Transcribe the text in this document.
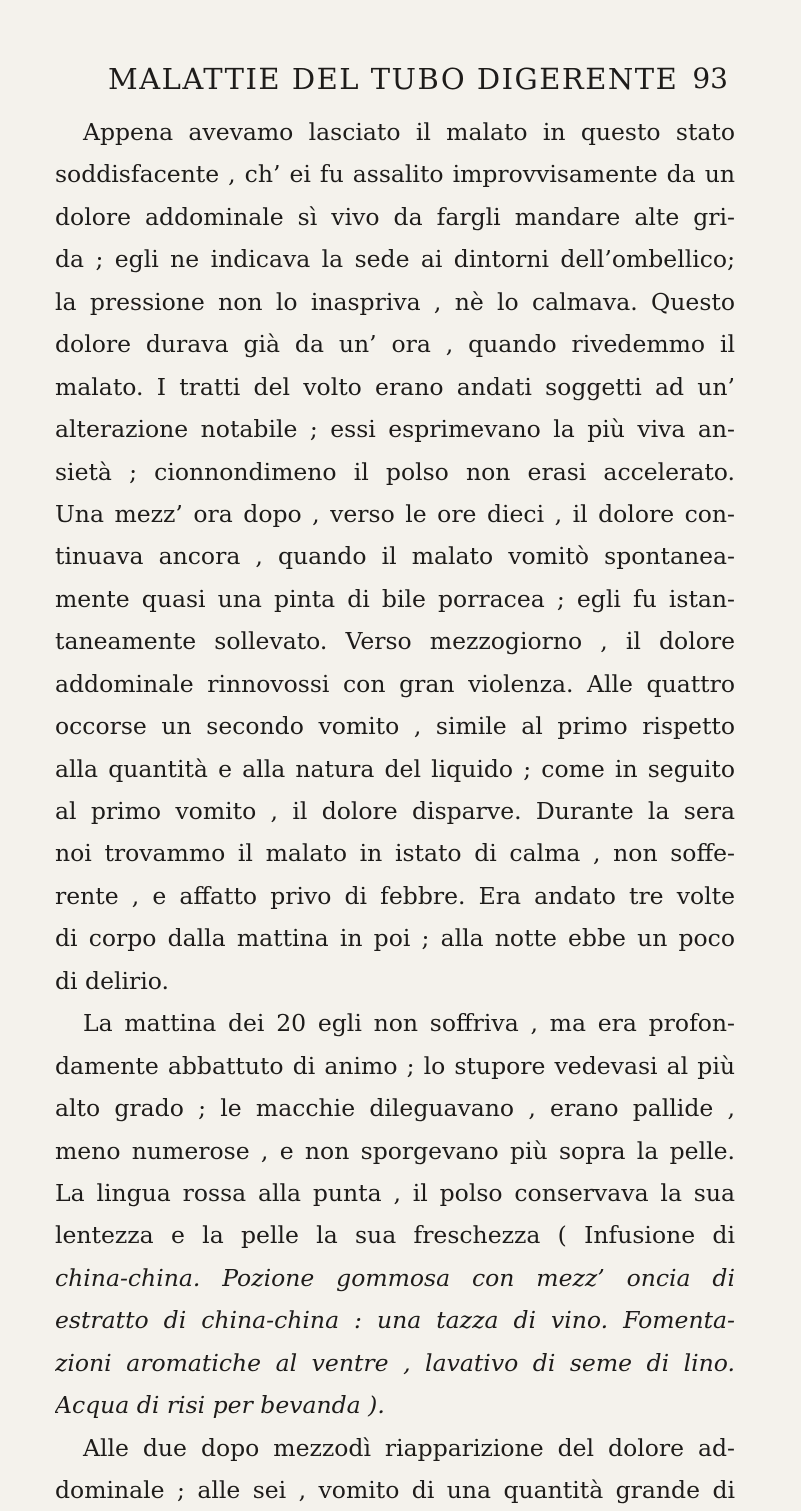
MALATTIE DEL TUBO DIGERENTE 93
Appena avevamo lasciato il malato in questo stato
soddisfacente , ch’ ei fu assalito improvvisamente da un
dolore addominale sì vivo da fargli mandare alte gri-
da ; egli ne indicava la sede ai dintorni dell’ombellico;
la pressione non lo inaspriva , nè lo calmava. Questo
dolore durava già da un’ ora , quando rivedemmo il
malato. I tratti del volto erano andati soggetti ad un’
alterazione notabile ; essi esprimevano la più viva an-
sietà ; cionnondimeno il polso non erasi accelerato.
Una mezz’ ora dopo , verso le ore dieci , il dolore con-
tinuava ancora , quando il malato vomitò spontanea-
mente quasi una pinta di bile porracea ; egli fu istan-
taneamente sollevato. Verso mezzogiorno , il dolore
addominale rinnovossi con gran violenza. Alle quattro
occorse un secondo vomito , simile al primo rispetto
alla quantità e alla natura del liquido ; come in seguito
al primo vomito , il dolore disparve. Durante la sera
noi trovammo il malato in istato di calma , non soffe-
rente , e affatto privo di febbre. Era andato tre volte
di corpo dalla mattina in poi ; alla notte ebbe un poco
di delirio.
La mattina dei 20 egli non soffriva , ma era profon-
damente abbattuto di animo ; lo stupore vedevasi al più
alto grado ; le macchie dileguavano , erano pallide ,
meno numerose , e non sporgevano più sopra la pelle.
La lingua rossa alla punta , il polso conservava la sua
lentezza e la pelle la sua freschezza ( Infusione di
china-china. Pozione gommosa con mezz’ oncia di
estratto di china-china : una tazza di vino. Fomenta-
zioni aromatiche al ventre , lavativo di seme di lino.
Acqua di risi per bevanda ).
Alle due dopo mezzodì riapparizione del dolore ad-
dominale ; alle sei , vomito di una quantità grande di
